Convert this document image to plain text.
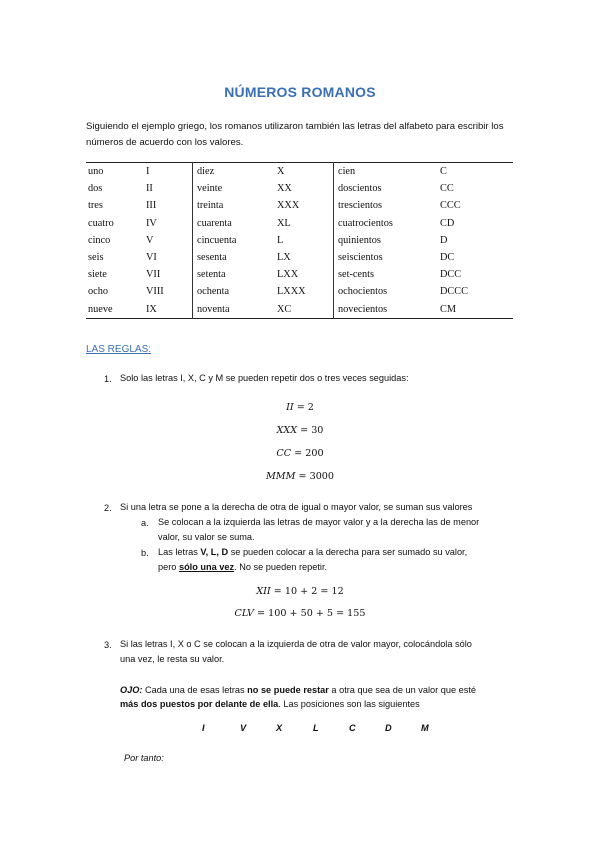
NÚMEROS ROMANOS
Siguiendo el ejemplo griego, los romanos utilizaron también las letras del alfabeto para escribir los números de acuerdo con los valores.
uno	I	diez	X	cien	C
dos	II	veinte	XX	doscientos	CC
tres	III	treinta	XXX	trescientos	CCC
cuatro	IV	cuarenta	XL	cuatrocientos	CD
cinco	V	cincuenta	L	quinientos	D
seis	VI	sesenta	LX	seiscientos	DC
siete	VII	setenta	LXX	set-cents	DCC
ocho	VIII	ochenta	LXXX	ochocientos	DCCC
nueve	IX	noventa	XC	novecientos	CM
LAS REGLAS:
1. Solo las letras I, X, C y M se pueden repetir dos o tres veces seguidas:
II = 2
XXX = 30
CC = 200
MMM = 3000
2. Si una letra se pone a la derecha de otra de igual o mayor valor, se suman sus valores
a. Se colocan a la izquierda las letras de mayor valor y a la derecha las de menor
valor, su valor se suma.
b. Las letras V, L, D se pueden colocar a la derecha para ser sumado su valor,
pero sólo una vez. No se pueden repetir.
XII = 10 + 2 = 12
CLV = 100 + 50 + 5 = 155
3. Si las letras I, X o C se colocan a la izquierda de otra de valor mayor, colocándola sólo
una vez, le resta su valor.
OJO: Cada una de esas letras no se puede restar a otra que sea de un valor que esté
más dos puestos por delante de ella. Las posiciones son las siguientes
I	V	X	L	C	D	M
Por tanto:
